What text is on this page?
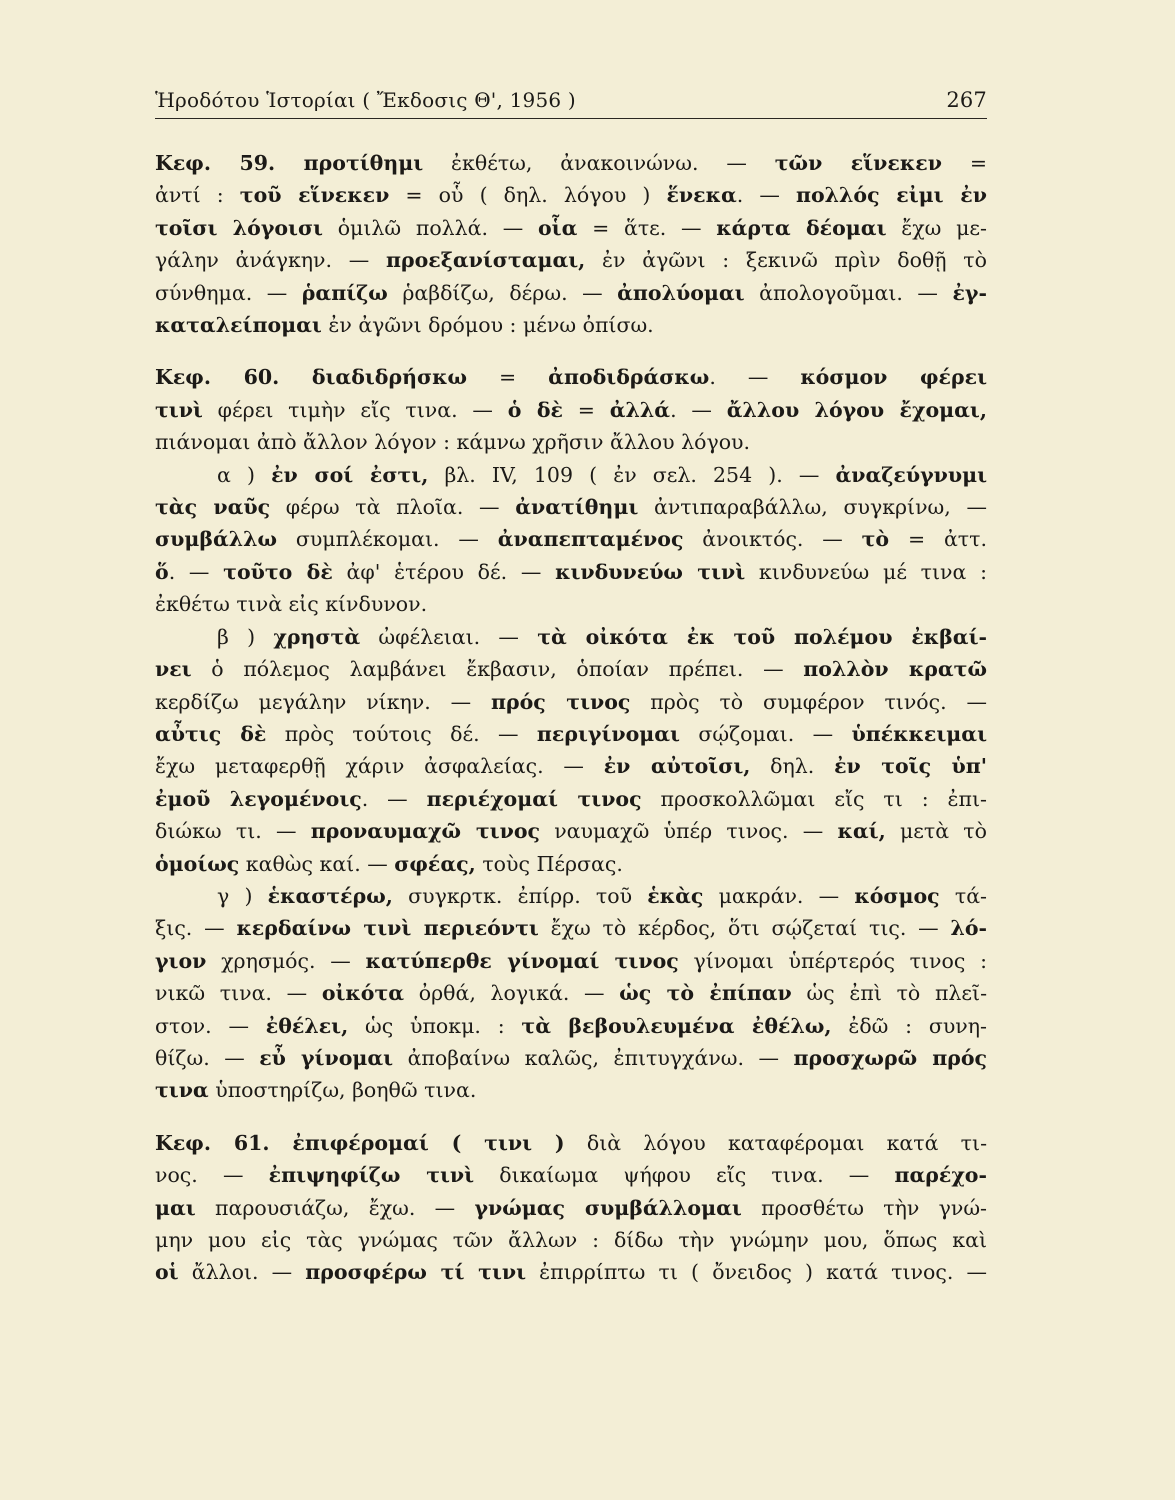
Ἡροδότου Ἱστορίαι ( Ἔκδοσις Θ', 1956 )	267
Κεφ. 59. προτίθημι ἐκθέτω, ἀνακοινώνω. — τῶν εἵνεκεν =
ἀντί : τοῦ εἵνεκεν = οὗ ( δηλ. λόγου ) ἕνεκα. — πολλός εἰμι ἐν
τοῖσι λόγοισι ὁμιλῶ πολλά. — οἷα = ἅτε. — κάρτα δέομαι ἔχω με-
γάλην ἀνάγκην. — προεξανίσταμαι, ἐν ἀγῶνι : ξεκινῶ πρὶν δοθῇ τὸ
σύνθημα. — ῥαπίζω ῥαβδίζω, δέρω. — ἀπολύομαι ἀπολογοῦμαι. — ἐγ-
καταλείπομαι ἐν ἀγῶνι δρόμου : μένω ὀπίσω.
Κεφ. 60. διαδιδρήσκω = ἀποδιδράσκω. — κόσμον φέρει
τινὶ φέρει τιμὴν εἴς τινα. — ὁ δὲ = ἀλλά. — ἄλλου λόγου ἔχομαι,
πιάνομαι ἀπὸ ἄλλον λόγον : κάμνω χρῆσιν ἄλλου λόγου.
α ) ἐν σοί ἐστι, βλ. IV, 109 ( ἐν σελ. 254 ). — ἀναζεύγνυμι
τὰς ναῦς φέρω τὰ πλοῖα. — ἀνατίθημι ἀντιπαραβάλλω, συγκρίνω, —
συμβάλλω συμπλέκομαι. — ἀναπεπταμένος ἀνοικτός. — τὸ = ἀττ.
ὅ. — τοῦτο δὲ ἀφ' ἑτέρου δέ. — κινδυνεύω τινὶ κινδυνεύω μέ τινα :
ἐκθέτω τινὰ εἰς κίνδυνον.
β ) χρηστὰ ὠφέλειαι. — τὰ οἰκότα ἐκ τοῦ πολέμου ἐκβαί-
νει ὁ πόλεμος λαμβάνει ἔκβασιν, ὁποίαν πρέπει. — πολλὸν κρατῶ
κερδίζω μεγάλην νίκην. — πρός τινος πρὸς τὸ συμφέρον τινός. —
αὖτις δὲ πρὸς τούτοις δέ. — περιγίνομαι σῴζομαι. — ὑπέκκειμαι
ἔχω μεταφερθῇ χάριν ἀσφαλείας. — ἐν αὐτοῖσι, δηλ. ἐν τοῖς ὑπ'
ἐμοῦ λεγομένοις. — περιέχομαί τινος προσκολλῶμαι εἴς τι : ἐπι-
διώκω τι. — προναυμαχῶ τινος ναυμαχῶ ὑπέρ τινος. — καί, μετὰ τὸ
ὁμοίως καθὼς καί. — σφέας, τοὺς Πέρσας.
γ ) ἑκαστέρω, συγκρτκ. ἐπίρρ. τοῦ ἑκὰς μακράν. — κόσμος τά-
ξις. — κερδαίνω τινὶ περιεόντι ἔχω τὸ κέρδος, ὅτι σῴζεταί τις. — λό-
γιον χρησμός. — κατύπερθε γίνομαί τινος γίνομαι ὑπέρτερός τινος :
νικῶ τινα. — οἰκότα ὀρθά, λογικά. — ὡς τὸ ἐπίπαν ὡς ἐπὶ τὸ πλεῖ-
στον. — ἐθέλει, ὡς ὑποκμ. : τὰ βεβουλευμένα ἐθέλω, ἐδῶ : συνη-
θίζω. — εὖ γίνομαι ἀποβαίνω καλῶς, ἐπιτυγχάνω. — προσχωρῶ πρός
τινα ὑποστηρίζω, βοηθῶ τινα.
Κεφ. 61. ἐπιφέρομαί ( τινι ) διὰ λόγου καταφέρομαι κατά τι-
νος. — ἐπιψηφίζω τινὶ δικαίωμα ψήφου εἴς τινα. — παρέχο-
μαι παρουσιάζω, ἔχω. — γνώμας συμβάλλομαι προσθέτω τὴν γνώ-
μην μου εἰς τὰς γνώμας τῶν ἄλλων : δίδω τὴν γνώμην μου, ὅπως καὶ
οἱ ἄλλοι. — προσφέρω τί τινι ἐπιρρίπτω τι ( ὄνειδος ) κατά τινος. —
